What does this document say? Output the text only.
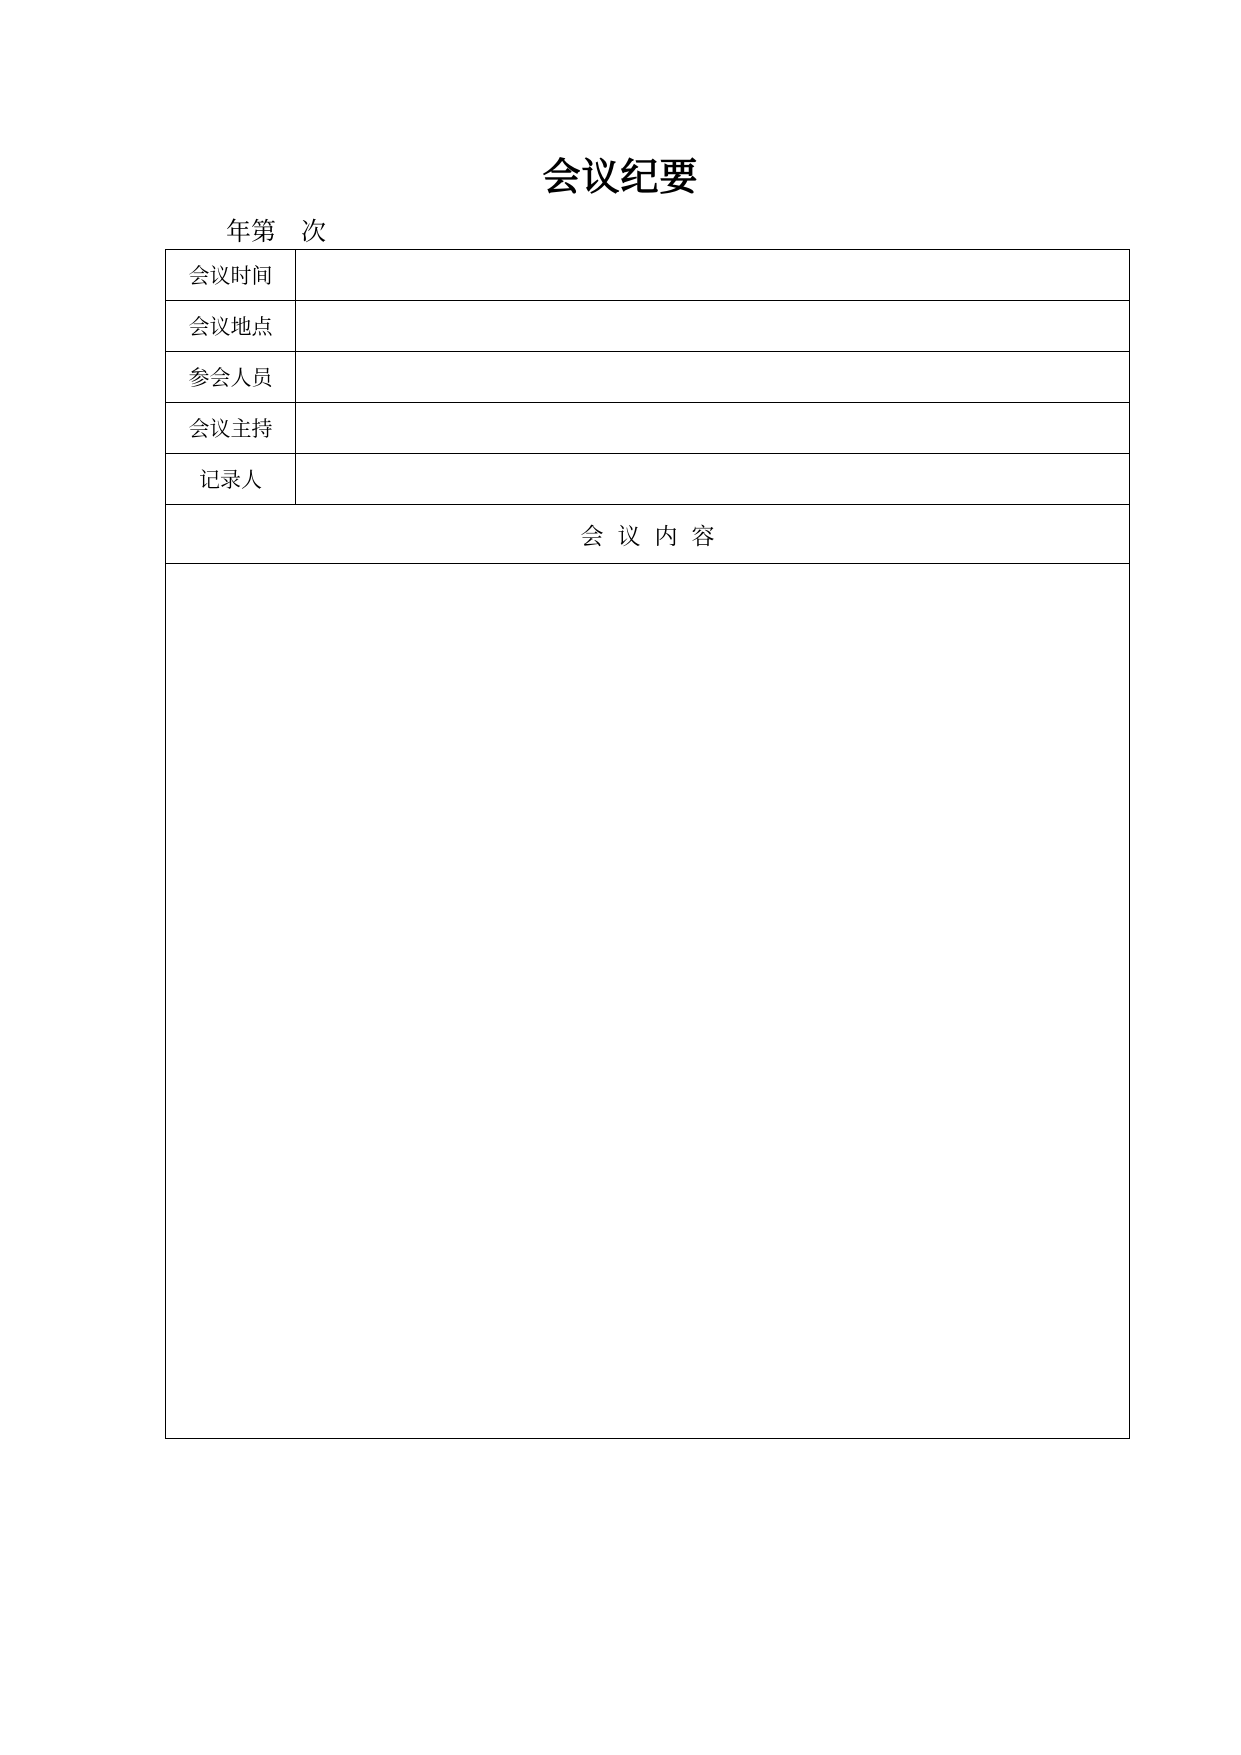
会议纪要
年第　次
会议时间	
会议地点	
参会人员	
会议主持	
记录人	
会议内容	
